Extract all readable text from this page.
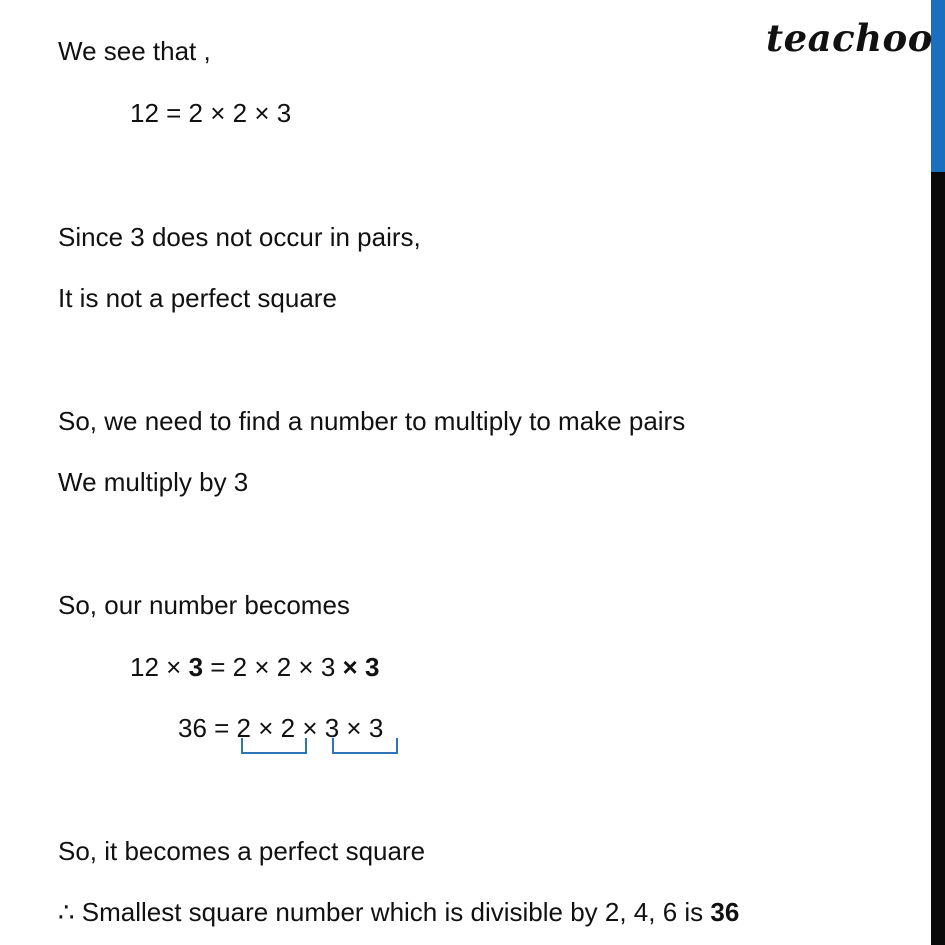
teachoo
We see that ,
12 = 2 × 2 × 3
Since 3 does not occur in pairs,
It is not a perfect square
So, we need to find a number to multiply to make pairs
We multiply by 3
So, our number becomes
12 × 3 = 2 × 2 × 3 × 3
36 = 2 × 2 × 3 × 3
So, it becomes a perfect square
∴ Smallest square number which is divisible by 2, 4, 6 is 36
